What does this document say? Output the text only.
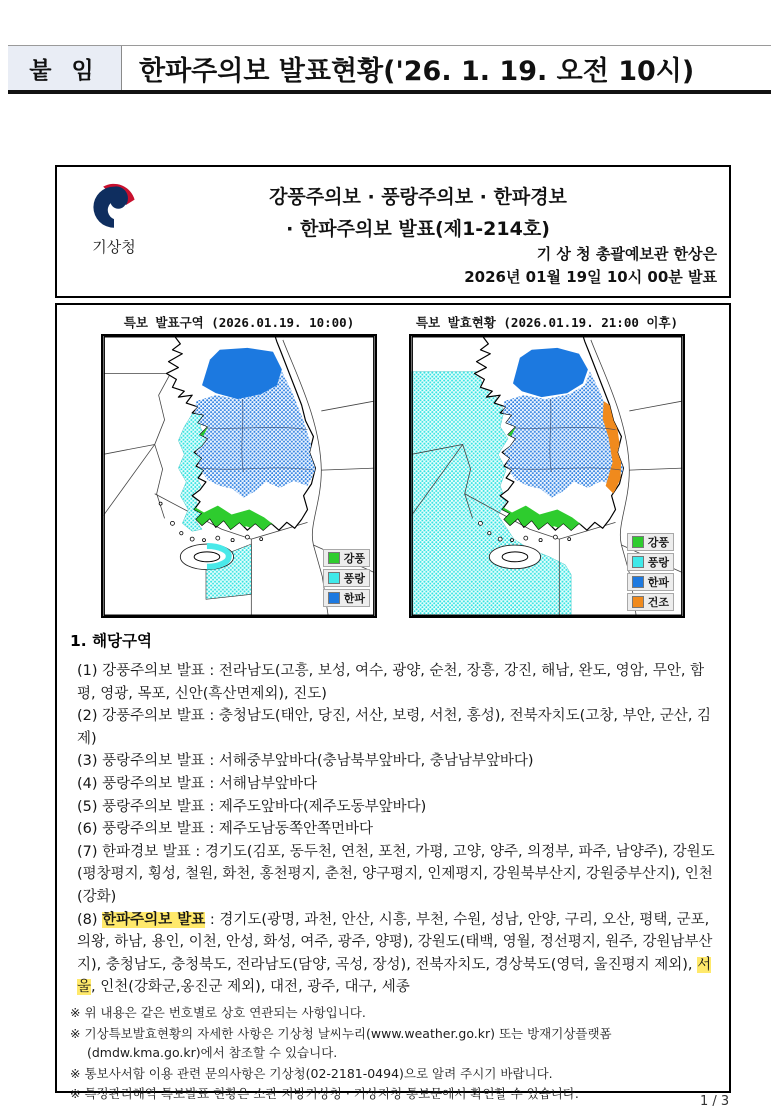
붙 임	한파주의보 발표현황('26. 1. 19. 오전 10시)
기상청
강풍주의보 · 풍랑주의보 · 한파경보
· 한파주의보 발표(제1-214호)
기 상 청 총괄예보관 한상은
2026년 01월 19일 10시 00분 발표
특보 발표구역 (2026.01.19. 10:00)
강풍
풍랑
한파
특보 발효현황 (2026.01.19. 21:00 이후)
강풍
풍랑
한파
건조
1. 해당구역
(1) 강풍주의보 발표 : 전라남도(고흥, 보성, 여수, 광양, 순천, 장흥, 강진, 해남, 완도, 영암, 무안, 함평, 영광, 목포, 신안(흑산면제외), 진도)
(2) 강풍주의보 발표 : 충청남도(태안, 당진, 서산, 보령, 서천, 홍성), 전북자치도(고창, 부안, 군산, 김제)
(3) 풍랑주의보 발표 : 서해중부앞바다(충남북부앞바다, 충남남부앞바다)
(4) 풍랑주의보 발표 : 서해남부앞바다
(5) 풍랑주의보 발표 : 제주도앞바다(제주도동부앞바다)
(6) 풍랑주의보 발표 : 제주도남동쪽안쪽먼바다
(7) 한파경보 발표 : 경기도(김포, 동두천, 연천, 포천, 가평, 고양, 양주, 의정부, 파주, 남양주), 강원도(평창평지, 횡성, 철원, 화천, 홍천평지, 춘천, 양구평지, 인제평지, 강원북부산지, 강원중부산지), 인천(강화)
(8) 한파주의보 발표 : 경기도(광명, 과천, 안산, 시흥, 부천, 수원, 성남, 안양, 구리, 오산, 평택, 군포, 의왕, 하남, 용인, 이천, 안성, 화성, 여주, 광주, 양평), 강원도(태백, 영월, 정선평지, 원주, 강원남부산지), 충청남도, 충청북도, 전라남도(담양, 곡성, 장성), 전북자치도, 경상북도(영덕, 울진평지 제외), 서울, 인천(강화군,옹진군 제외), 대전, 광주, 대구, 세종
※ 위 내용은 같은 번호별로 상호 연관되는 사항입니다.
※ 기상특보발효현황의 자세한 사항은 기상청 날씨누리(www.weather.go.kr) 또는 방재기상플랫폼(dmdw.kma.go.kr)에서 참조할 수 있습니다.
※ 통보사서함 이용 관련 문의사항은 기상청(02-2181-0494)으로 알려 주시기 바랍니다.
※ 특정관리해역 특보발표 현황은 소관 지방기상청 · 기상지청 통보문에서 확인할 수 있습니다.
1 / 3
